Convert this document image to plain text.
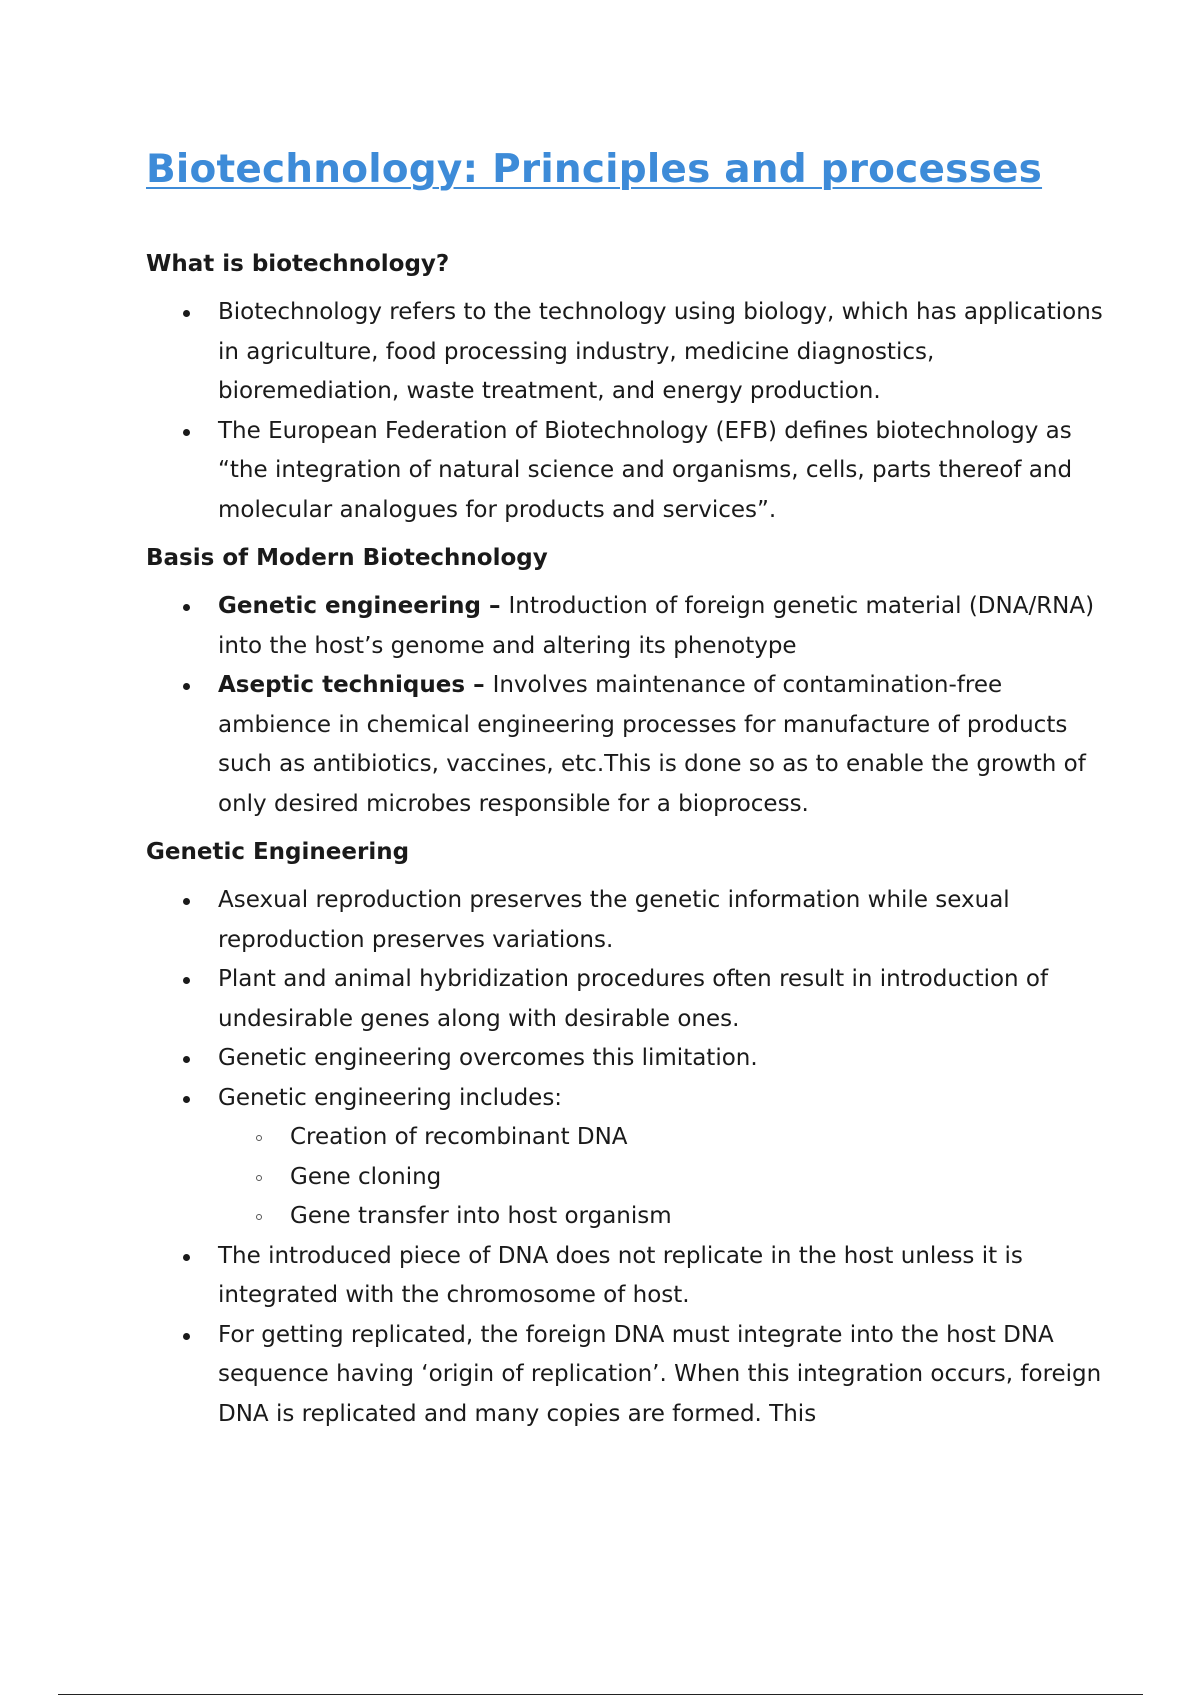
Biotechnology: Principles and processes
What is biotechnology?
Biotechnology refers to the technology using biology, which has applications in agriculture, food processing industry, medicine diagnostics, bioremediation, waste treatment, and energy production.
The European Federation of Biotechnology (EFB) defines biotechnology as “the integration of natural science and organisms, cells, parts thereof and molecular analogues for products and services”.
Basis of Modern Biotechnology
Genetic engineering – Introduction of foreign genetic material (DNA/RNA) into the host’s genome and altering its phenotype
Aseptic techniques – Involves maintenance of contamination-free ambience in chemical engineering processes for manufacture of products such as antibiotics, vaccines, etc.This is done so as to enable the growth of only desired microbes responsible for a bioprocess.
Genetic Engineering
Asexual reproduction preserves the genetic information while sexual reproduction preserves variations.
Plant and animal hybridization procedures often result in introduction of undesirable genes along with desirable ones.
Genetic engineering overcomes this limitation.
Genetic engineering includes:
Creation of recombinant DNA
Gene cloning
Gene transfer into host organism
The introduced piece of DNA does not replicate in the host unless it is integrated with the chromosome of host.
For getting replicated, the foreign DNA must integrate into the host DNA sequence having ‘origin of replication’. When this integration occurs, foreign DNA is replicated and many copies are formed. This
